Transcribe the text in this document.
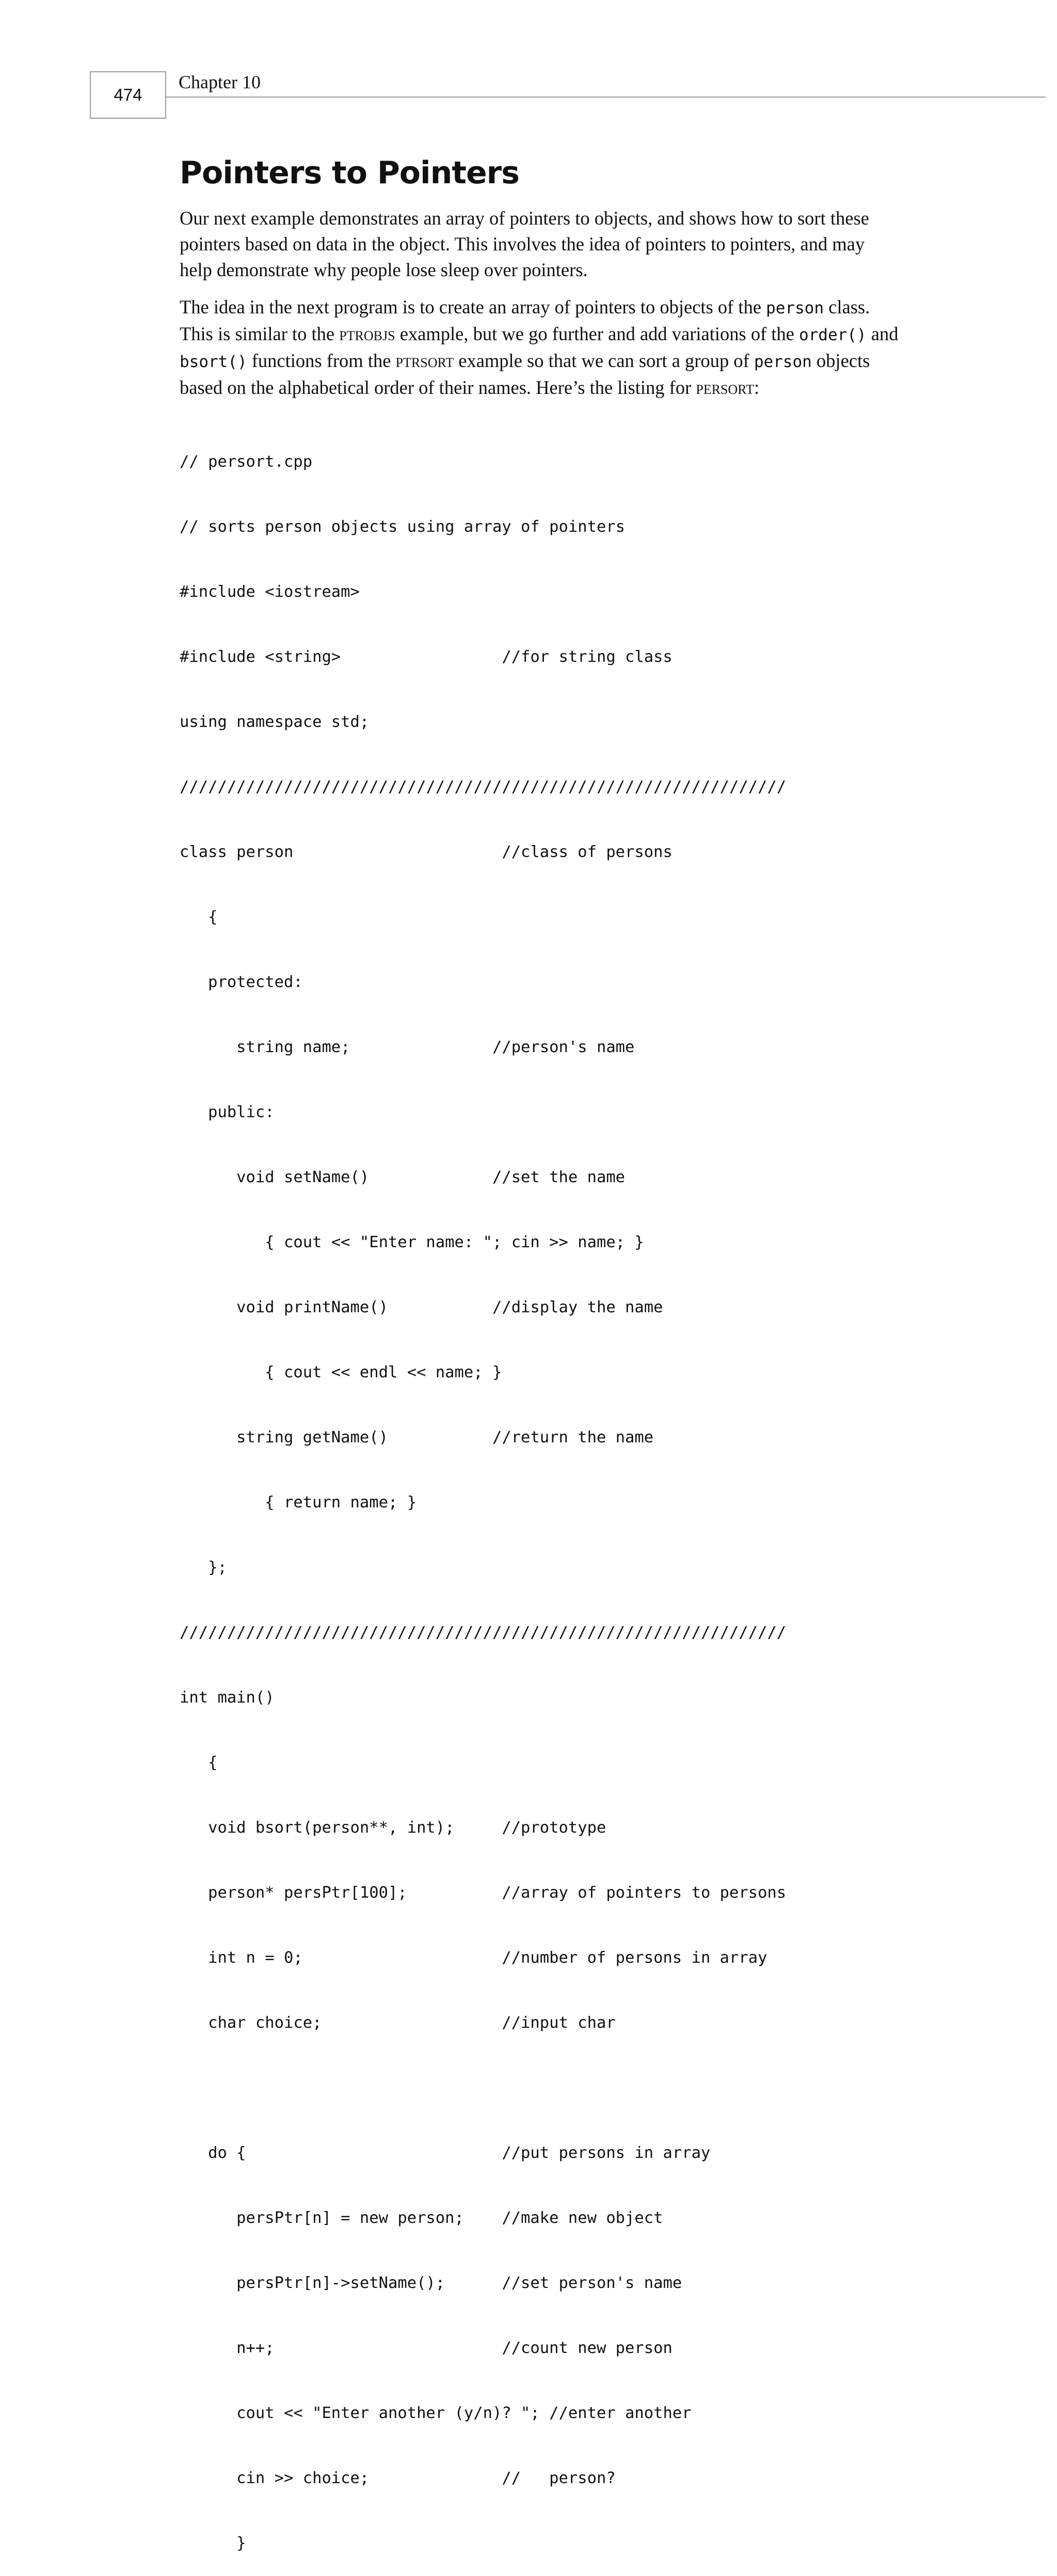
474
Chapter 10
Pointers to Pointers

Our next example demonstrates an array of pointers to objects, and shows how to sort these
pointers based on data in the object. This involves the idea of pointers to pointers, and may
help demonstrate why people lose sleep over pointers.

The idea in the next program is to create an array of pointers to objects of the person class.
This is similar to the ptrobjs example, but we go further and add variations of the order() and
bsort() functions from the ptrsort example so that we can sort a group of person objects
based on the alphabetical order of their names. Here’s the listing for persort:

// persort.cpp

// sorts person objects using array of pointers

#include <iostream>

#include <string>                 //for string class

using namespace std;

////////////////////////////////////////////////////////////////

class person                      //class of persons

{

protected:

string name;               //person's name

public:

void setName()             //set the name

{ cout << "Enter name: "; cin >> name; }

void printName()           //display the name

{ cout << endl << name; }

string getName()           //return the name

{ return name; }

};

////////////////////////////////////////////////////////////////

int main()

{

void bsort(person**, int);     //prototype

person* persPtr[100];          //array of pointers to persons

int n = 0;                     //number of persons in array

char choice;                   //input char

do {                           //put persons in array

persPtr[n] = new person;    //make new object

persPtr[n]->setName();      //set person's name

n++;                        //count new person

cout << "Enter another (y/n)? "; //enter another

cin >> choice;              //   person?

}
